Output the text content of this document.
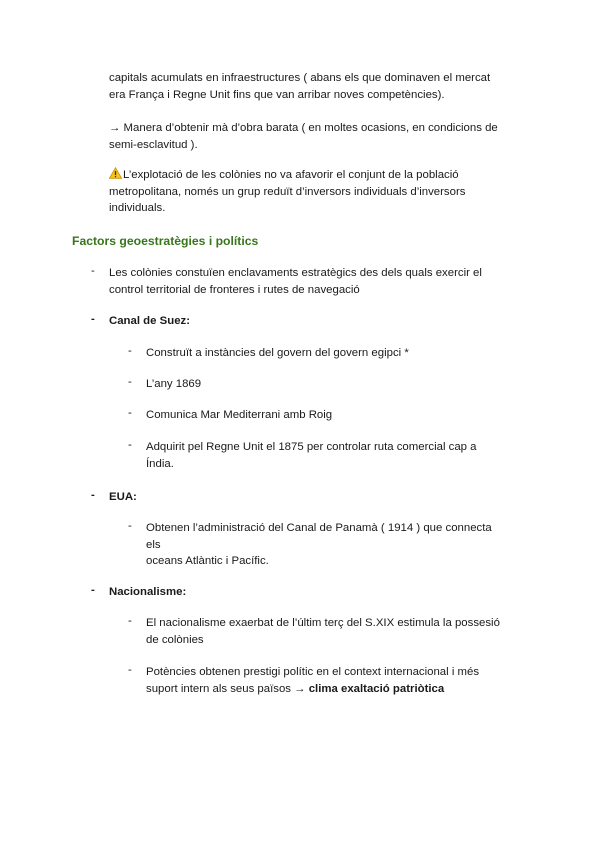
capitals acumulats en infraestructures ( abans els que dominaven el mercat
era França i Regne Unit fins que van arribar noves competències).
→ Manera d’obtenir mà d’obra barata ( en moltes ocasions, en condicions de
semi-esclavitud ).
L’explotació de les colònies no va afavorir el conjunt de la població
metropolitana, només un grup reduït d’inversors individuals d’inversors
individuals.
Factors geoestratègies i polítics
- Les colònies constuïen enclavaments estratègics des dels quals exercir el
control territorial de fronteres i rutes de navegació
- Canal de Suez:
- Construït a instàncies del govern del govern egipci *
- L’any 1869
- Comunica Mar Mediterrani amb Roig
- Adquirit pel Regne Unit el 1875 per controlar ruta comercial cap a
Índia.
- EUA:
- Obtenen l’administració del Canal de Panamà ( 1914 ) que connecta
els
oceans Atlàntic i Pacífic.
- Nacionalisme:
- El nacionalisme exaerbat de l’últim terç del S.XIX estimula la possesió
de colònies
- Potències obtenen prestigi polític en el context internacional i més
suport intern als seus països → clima exaltació patriòtica
